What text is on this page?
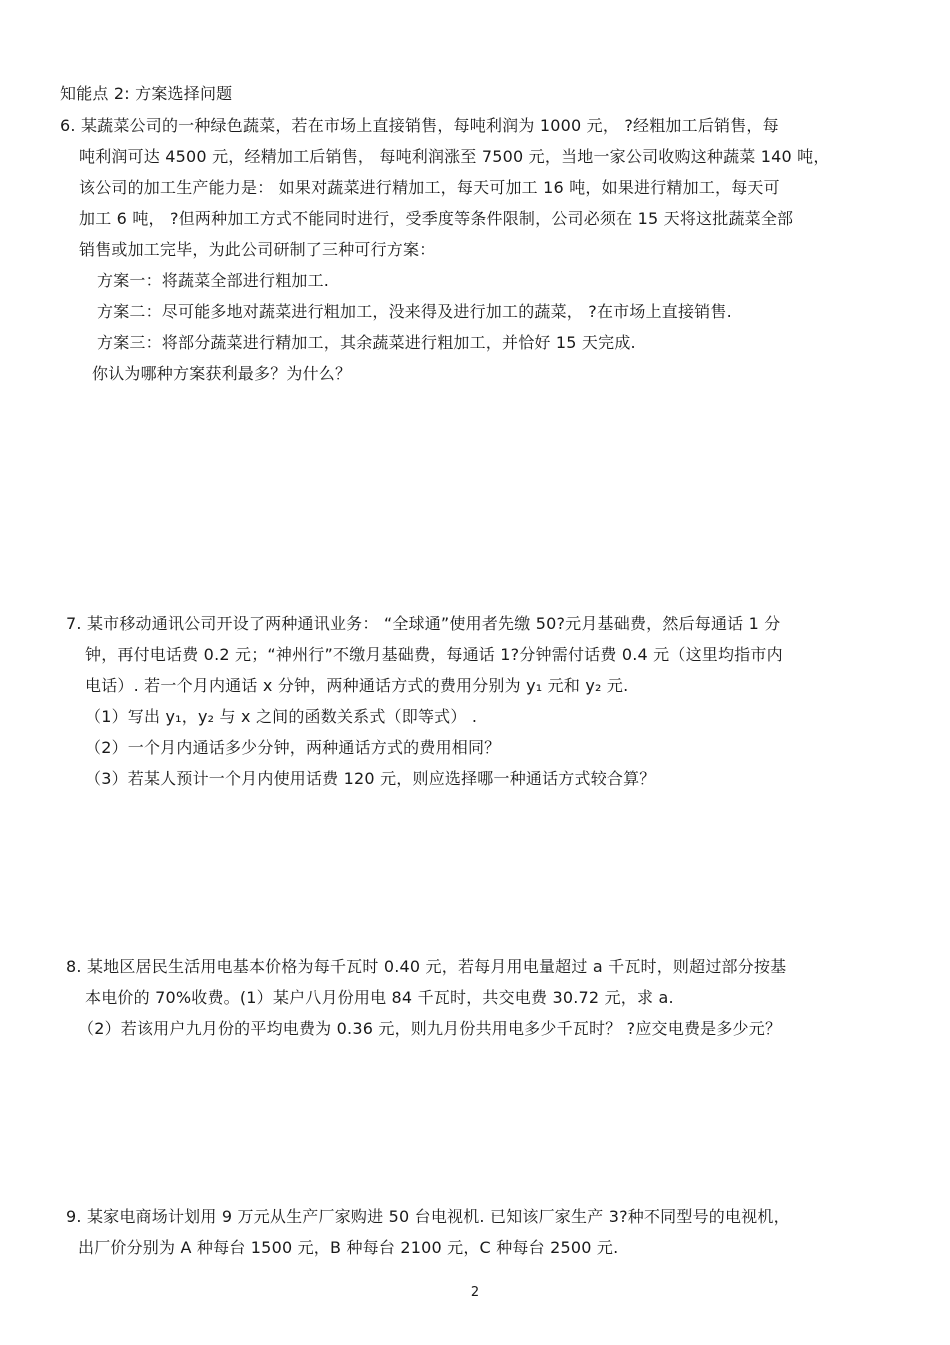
知能点 2: 方案选择问题
6. 某蔬菜公司的一种绿色蔬菜，若在市场上直接销售，每吨利润为 1000 元， ?经粗加工后销售，每
吨利润可达 4500 元，经精加工后销售， 每吨利润涨至 7500 元，当地一家公司收购这种蔬菜 140 吨，
该公司的加工生产能力是： 如果对蔬菜进行精加工，每天可加工 16 吨，如果进行精加工，每天可
加工 6 吨， ?但两种加工方式不能同时进行，受季度等条件限制，公司必须在 15 天将这批蔬菜全部
销售或加工完毕，为此公司研制了三种可行方案：
方案一：将蔬菜全部进行粗加工.
方案二：尽可能多地对蔬菜进行粗加工，没来得及进行加工的蔬菜， ?在市场上直接销售.
方案三：将部分蔬菜进行精加工，其余蔬菜进行粗加工，并恰好 15 天完成.
你认为哪种方案获利最多？为什么？
7. 某市移动通讯公司开设了两种通讯业务： “全球通”使用者先缴 50?元月基础费，然后每通话 1 分
钟，再付电话费 0.2 元；“神州行”不缴月基础费，每通话 1?分钟需付话费 0.4 元（这里均指市内
电话）. 若一个月内通话 x 分钟，两种通话方式的费用分别为 y₁ 元和 y₂ 元.
（1）写出 y₁，y₂ 与 x 之间的函数关系式（即等式） .
（2）一个月内通话多少分钟，两种通话方式的费用相同？
（3）若某人预计一个月内使用话费 120 元，则应选择哪一种通话方式较合算？
8. 某地区居民生活用电基本价格为每千瓦时 0.40 元，若每月用电量超过 a 千瓦时，则超过部分按基
本电价的 70%收费。(1）某户八月份用电 84 千瓦时，共交电费 30.72 元，求 a.
（2）若该用户九月份的平均电费为 0.36 元，则九月份共用电多少千瓦时？ ?应交电费是多少元？
9. 某家电商场计划用 9 万元从生产厂家购进 50 台电视机. 已知该厂家生产 3?种不同型号的电视机，
出厂价分别为 A 种每台 1500 元，B 种每台 2100 元，C 种每台 2500 元.
2
